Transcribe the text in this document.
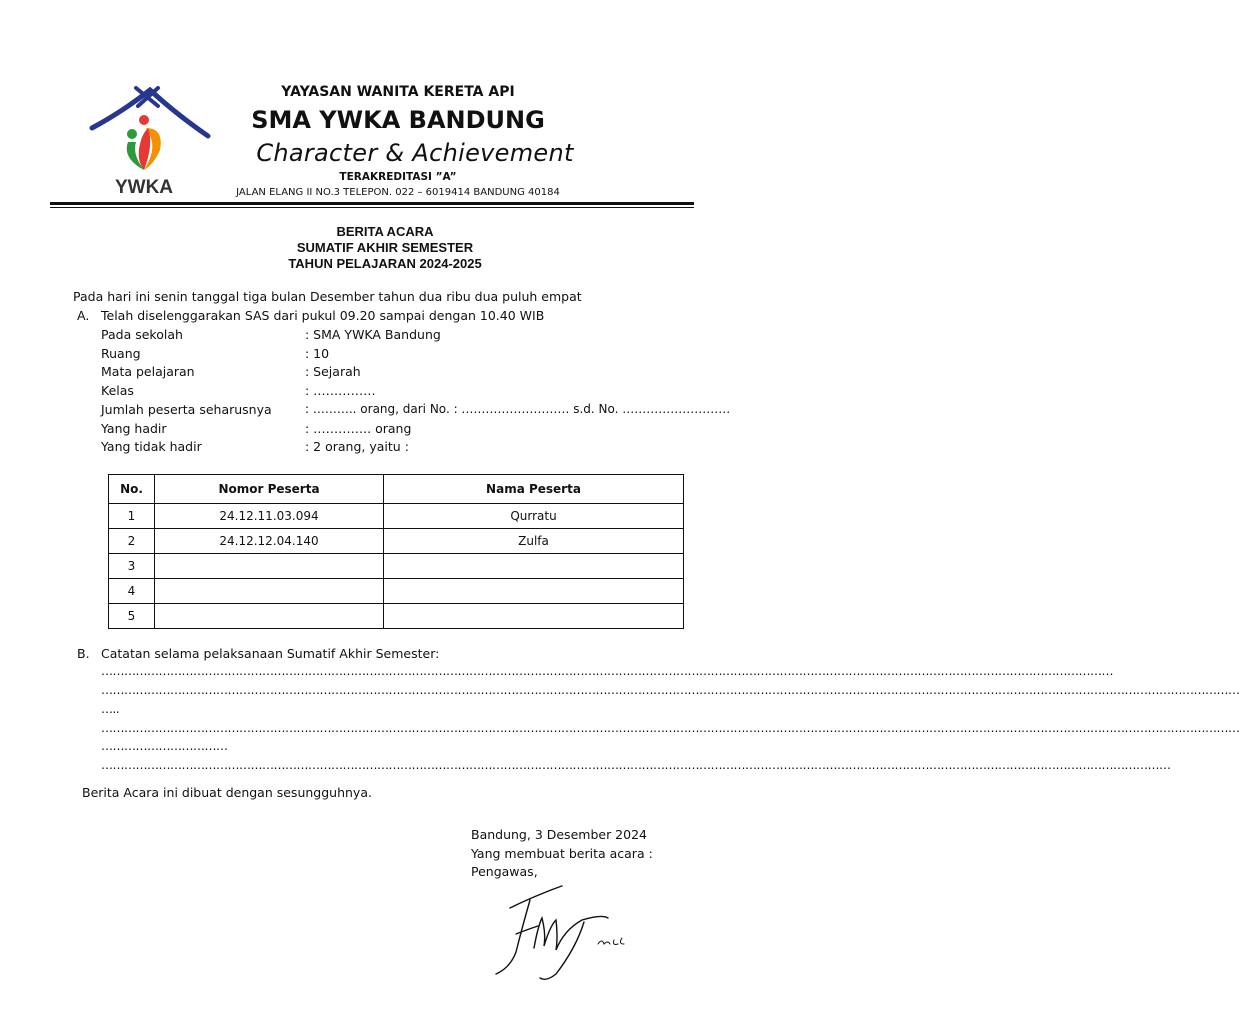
YWKA
YAYASAN WANITA KERETA API
SMA YWKA BANDUNG
Character & Achievement
TERAKREDITASI ”A”
JALAN ELANG II NO.3 TELEPON. 022 – 6019414 BANDUNG 40184
BERITA ACARA
SUMATIF AKHIR SEMESTER
TAHUN PELAJARAN 2024-2025
Pada hari ini senin tanggal tiga bulan Desember tahun dua ribu dua puluh empat
A. Telah diselenggarakan SAS dari pukul 09.20 sampai dengan 10.40 WIB
Pada sekolah	: SMA YWKA Bandung
Ruang	: 10
Mata pelajaran	: Sejarah
Kelas	: ……………
Jumlah peserta seharusnya	: ……….. orang, dari No. : ……………………… s.d. No. ………………………
Yang hadir	: ………….. orang
Yang tidak hadir	: 2 orang, yaitu :
No.	Nomor Peserta	Nama Peserta
1	24.12.11.03.094	Qurratu
2	24.12.12.04.140	Zulfa
3		
4		
5		
B. Catatan selama pelaksanaan Sumatif Akhir Semester:
…………………………………………………………………………………………………………………………………………………………………………………………………………………………………………
………………………………………………………………………………………………………………………………………………………………………………………………………………………………………………………………………
…..
………………………………………………………………………………………………………………………………………………………………………………………………………………………………………………………………………
……………………………
………………………………………………………………………………………………………………………………………………………………………………………………………………………………………………………
Berita Acara ini dibuat dengan sesungguhnya.
Bandung, 3 Desember 2024
Yang membuat berita acara :
Pengawas,
